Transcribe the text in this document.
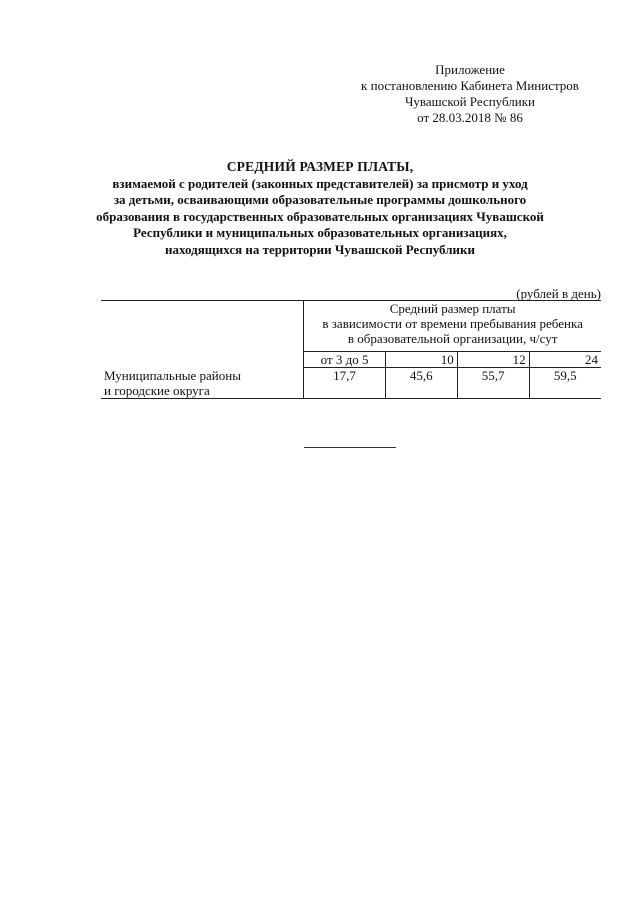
Приложение
к постановлению Кабинета Министров
Чувашской Республики
от 28.03.2018 № 86
СРЕДНИЙ РАЗМЕР ПЛАТЫ,
взимаемой с родителей (законных представителей) за присмотр и уход
за детьми, осваивающими образовательные программы дошкольного
образования в государственных образовательных организациях Чувашской
Республики и муниципальных образовательных организациях,
находящихся на территории Чувашской Республики
(рублей в день)

	Средний размер платы
в зависимости от времени пребывания ребенка
в образовательной организации, ч/сут			

	от 3 до 5	10	12	24

Муниципальные районы
и городские округа	17,7	45,6	55,7	59,5
